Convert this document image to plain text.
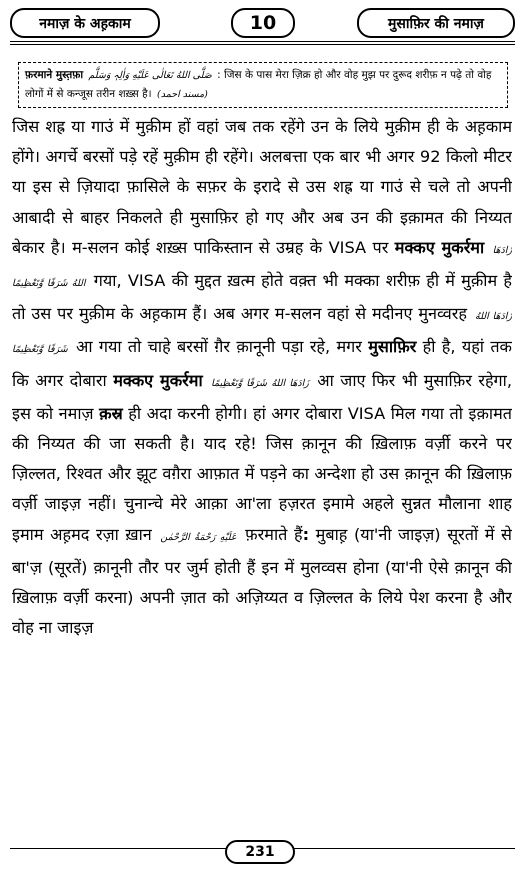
नमाज़ के अह़काम	10	मुसाफ़िर की नमाज़
फ़रमाने मुस्त़फ़ा صَلَّى اللهُ تَعَالٰی عَلَیْهِ وَاٰلِہٖ وَسَلَّم : जिस के पास मेरा ज़िक्र हो और वोह मुझ पर दुरूद शरीफ़ न पढ़े तो वोह लोगों में से कन्जूस तरीन शख़्स है। (مسند احمد)

जिस शह्र या गाउं में मुक़ीम हों वहां जब तक रहेंगे उन के लिये मुक़ीम ही के अह़काम होंगे। अगर्चे बरसों पड़े रहें मुक़ीम ही रहेंगे। अलबत्ता एक बार भी अगर 92 किलो मीटर या इस से ज़ियादा फ़ासिले के सफ़र के इरादे से उस शह्र या गाउं से चले तो अपनी आबादी से बाहर निकलते ही मुसाफ़िर हो गए और अब उन की इक़ामत की निय्यत बेकार है। म-सलन कोई शख़्स पाकिस्तान से उम्रह के VISA पर मक्कए मुकर्रमा زَادَهَا اللهُ شَرَفًا وَّتَعْظِيمًا गया, VISA की मुद्दत ख़त्म होते वक़्त भी मक्का शरीफ़ ही में मुक़ीम है तो उस पर मुक़ीम के अह़काम हैं। अब अगर म-सलन वहां से मदीनए मुनव्वरह زَادَهَا اللهُ شَرَفًا وَّتَعْظِيمًا आ गया तो चाहे बरसों ग़ैर क़ानूनी पड़ा रहे, मगर मुसाफ़िर ही है, यहां तक कि अगर दोबारा मक्कए मुकर्रमा زَادَهَا اللهُ شَرَفًا وَّتَعْظِيمًا आ जाए फिर भी मुसाफ़िर रहेगा, इस को नमाज़ क़स्र ही अदा करनी होगी। हां अगर दोबारा VISA मिल गया तो इक़ामत की निय्यत की जा सकती है। याद रहे! जिस क़ानून की ख़िलाफ़ वर्ज़ी करने पर ज़िल्लत, रिश्वत और झूट वग़ैरा आफ़ात में पड़ने का अन्देशा हो उस क़ानून की ख़िलाफ़ वर्ज़ी जाइज़ नहीं। चुनान्चे मेरे आक़ा आ'ला हज़रत इमामे अहले सुन्नत मौलाना शाह इमाम अह़मद रज़ा ख़ान عَلَيْهِ رَحْمَةُ الرَّحْمٰن फ़रमाते हैं: मुबाह़ (या'नी जाइज़) सूरतों में से बा'ज़ (सूरतें) क़ानूनी तौर पर जुर्म होती हैं इन में मुलव्वस होना (या'नी ऐसे क़ानून की ख़िलाफ़ वर्ज़ी करना) अपनी ज़ात को अज़िय्यत व ज़िल्लत के लिये पेश करना है और वोह ना जाइज़

231
